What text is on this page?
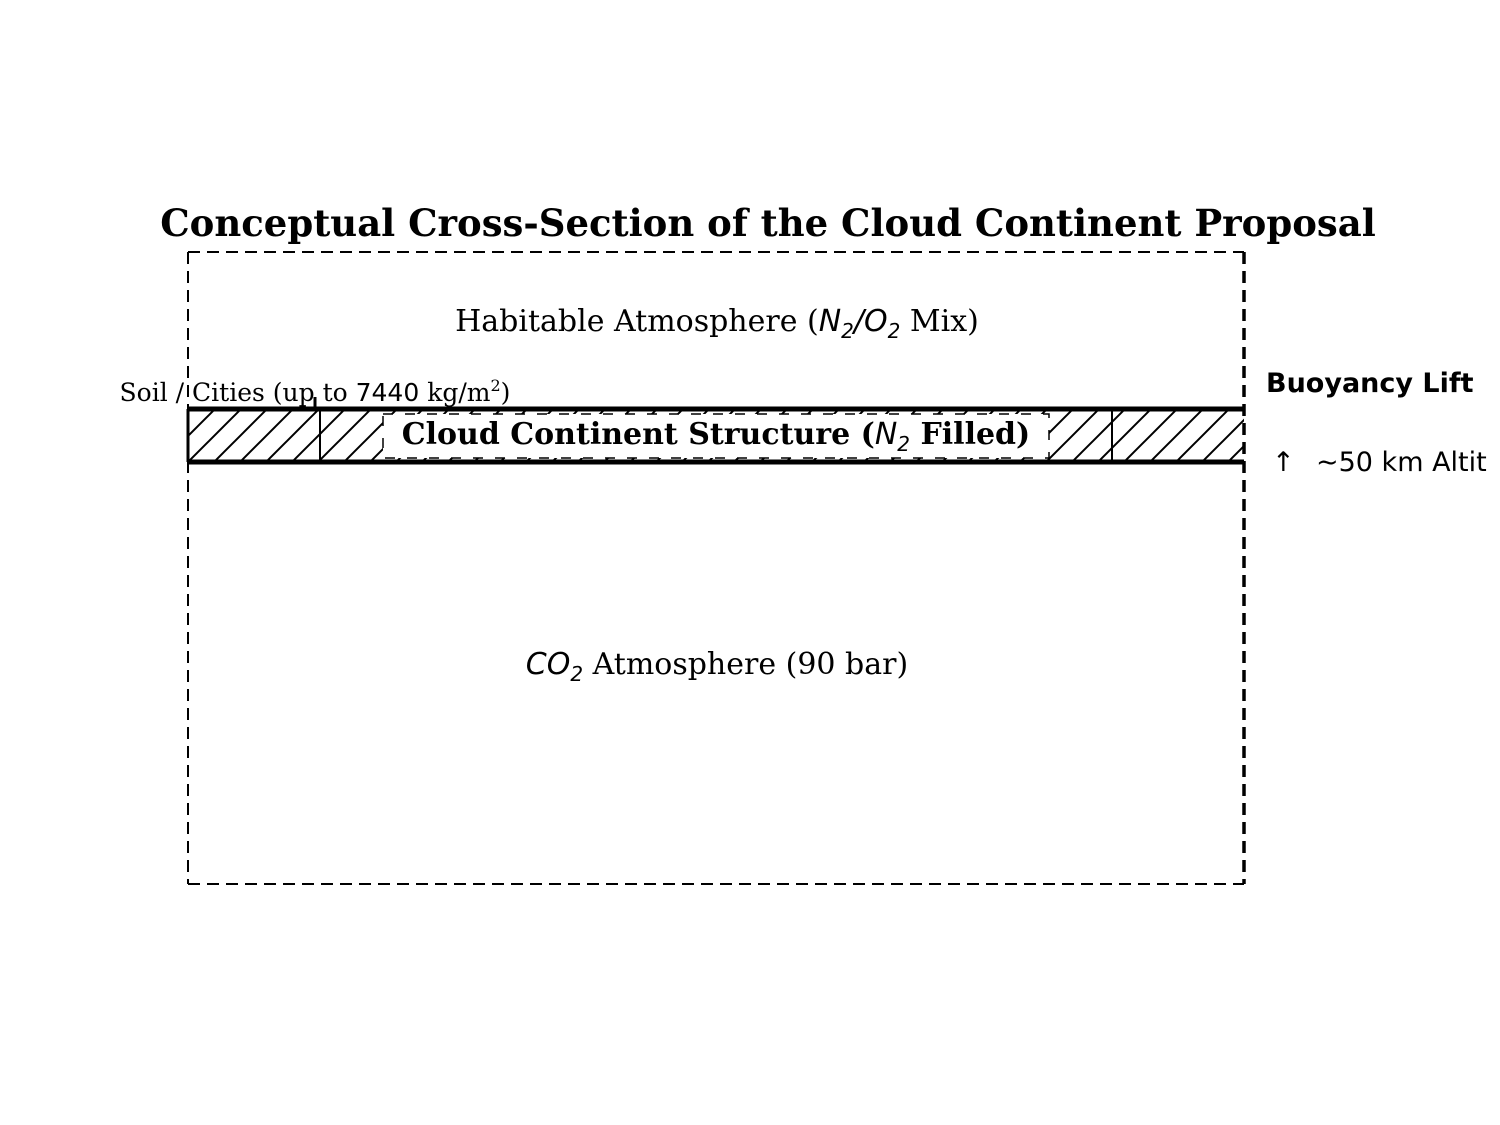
Conceptual Cross-Section of the Cloud Continent Proposal
Habitable Atmosphere ($N_2/O_2$ Mix)
Soil / Cities (up to 7440 $kg/m^2$)
Cloud Continent Structure ($N_2$ Filled)
$CO_2$ Atmosphere (90 bar)
Buoyancy Lift
↑ ∼50 km Altit
